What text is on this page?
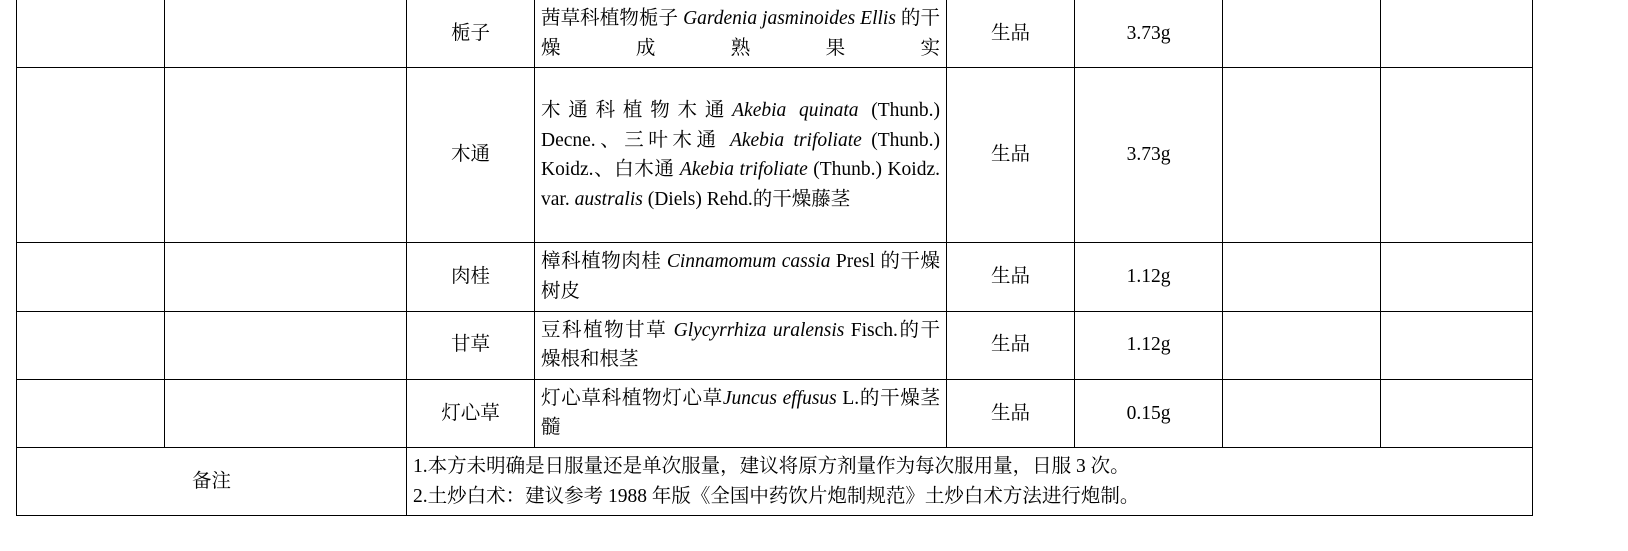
		栀子	茜草科植物栀子 Gardenia jasminoides Ellis 的干燥成熟果实	生品	3.73g		
		木通	木通科植物木通Akebia quinata (Thunb.) Decne.、三叶木通 Akebia trifoliate (Thunb.) Koidz.、白木通 Akebia trifoliate (Thunb.) Koidz. var. australis (Diels) Rehd.的干燥藤茎	生品	3.73g		
		肉桂	樟科植物肉桂 Cinnamomum cassia Presl 的干燥树皮	生品	1.12g		
		甘草	豆科植物甘草 Glycyrrhiza uralensis Fisch.的干燥根和根茎	生品	1.12g		
		灯心草	灯心草科植物灯心草Juncus effusus L.的干燥茎髓	生品	0.15g		
备注		1.本方未明确是日服量还是单次服量，建议将原方剂量作为每次服用量，日服 3 次。
2.土炒白术：建议参考 1988 年版《全国中药饮片炮制规范》土炒白术方法进行炮制。					
